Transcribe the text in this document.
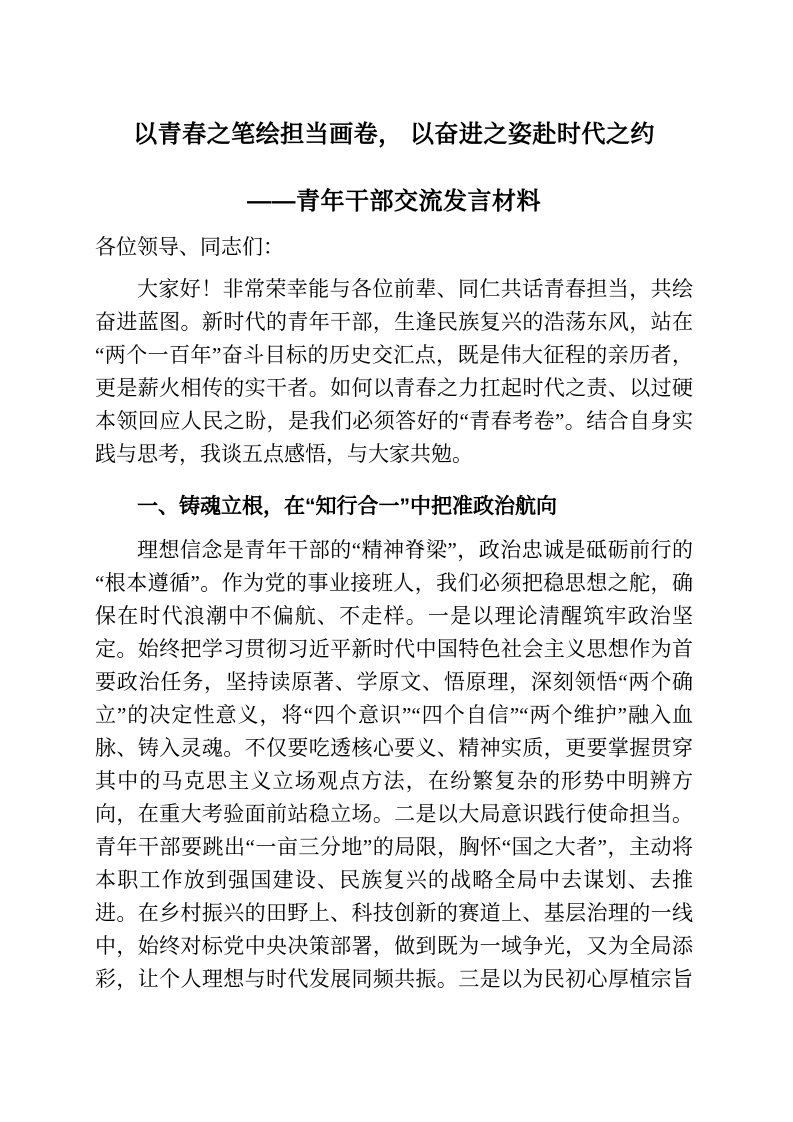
以青春之笔绘担当画卷， 以奋进之姿赴时代之约
——青年干部交流发言材料

各位领导、同志们：

大家好！非常荣幸能与各位前辈、同仁共话青春担当，共绘
奋进蓝图。新时代的青年干部，生逢民族复兴的浩荡东风，站在
“两个一百年”奋斗目标的历史交汇点，既是伟大征程的亲历者，
更是薪火相传的实干者。如何以青春之力扛起时代之责、以过硬
本领回应人民之盼，是我们必须答好的“青春考卷”。结合自身实
践与思考，我谈五点感悟，与大家共勉。
一、铸魂立根，在“知行合一”中把准政治航向
理想信念是青年干部的“精神脊梁”，政治忠诚是砥砺前行的
“根本遵循”。作为党的事业接班人，我们必须把稳思想之舵，确
保在时代浪潮中不偏航、不走样。一是以理论清醒筑牢政治坚
定。始终把学习贯彻习近平新时代中国特色社会主义思想作为首
要政治任务，坚持读原著、学原文、悟原理，深刻领悟“两个确
立”的决定性意义，将“四个意识”“四个自信”“两个维护”融入血
脉、铸入灵魂。不仅要吃透核心要义、精神实质，更要掌握贯穿
其中的马克思主义立场观点方法，在纷繁复杂的形势中明辨方
向，在重大考验面前站稳立场。二是以大局意识践行使命担当。
青年干部要跳出“一亩三分地”的局限，胸怀“国之大者”，主动将
本职工作放到强国建设、民族复兴的战略全局中去谋划、去推
进。在乡村振兴的田野上、科技创新的赛道上、基层治理的一线
中，始终对标党中央决策部署，做到既为一域争光，又为全局添
彩，让个人理想与时代发展同频共振。三是以为民初心厚植宗旨
